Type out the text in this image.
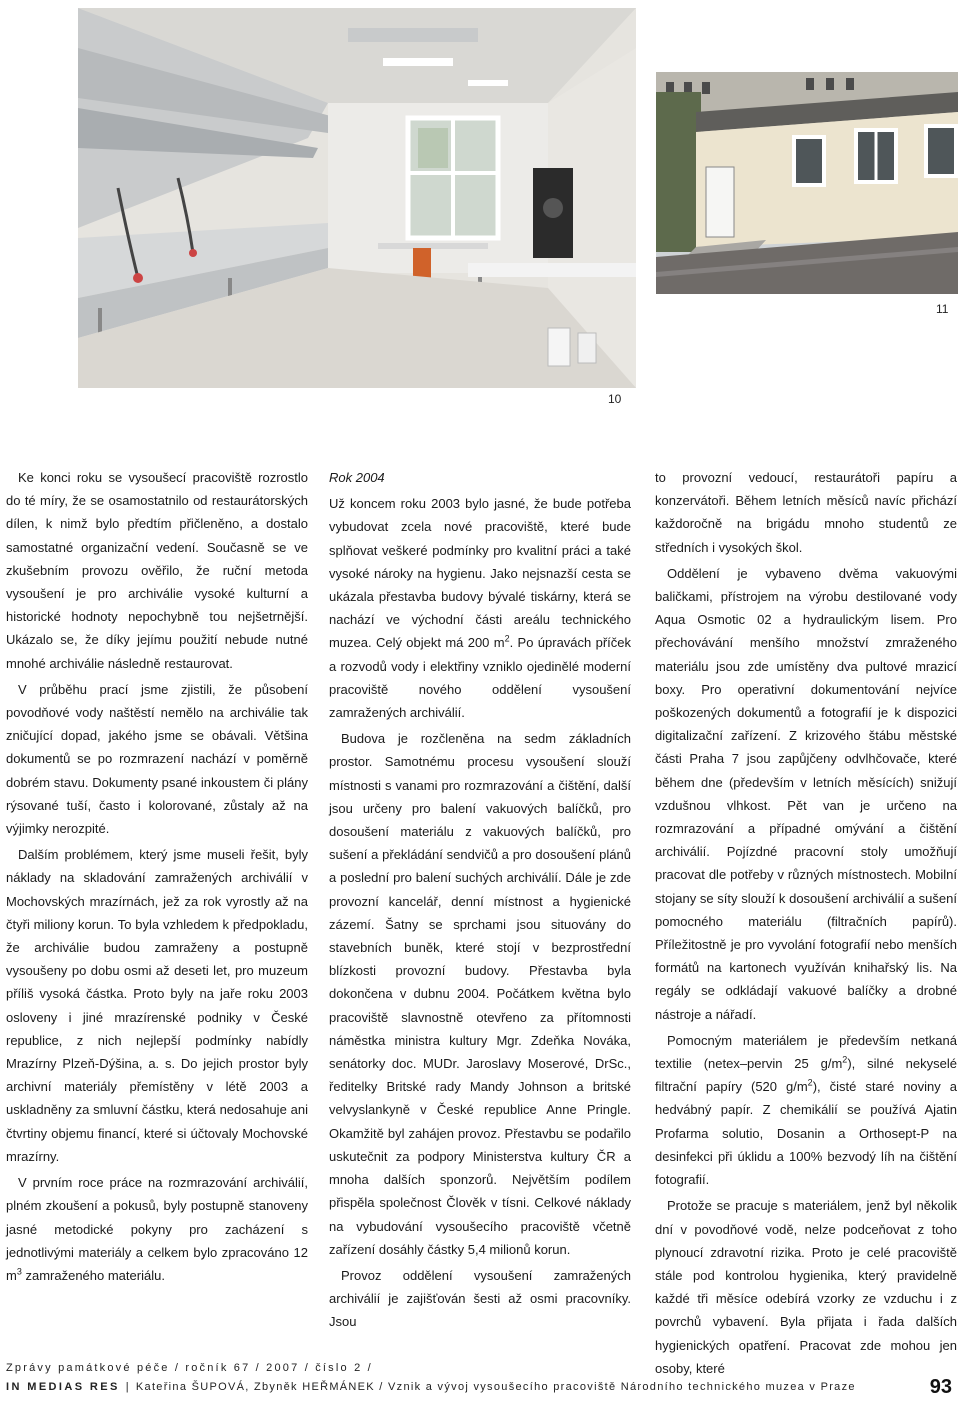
10
11

Ke konci roku se vysoušecí pracoviště rozrostlo do té míry, že se osamostatnilo od restaurátorských dílen, k nimž bylo předtím přičleněno, a dostalo samostatné organizační vedení. Současně se ve zkušebním provozu ověřilo, že ruční metoda vysoušení je pro archiválie vysoké kulturní a historické hodnoty nepochybně tou nejšetrnější. Ukázalo se, že díky jejímu použití nebude nutné mnohé archiválie následně restaurovat.

V průběhu prací jsme zjistili, že působení povodňové vody naštěstí nemělo na archiválie tak zničující dopad, jakého jsme se obávali. Většina dokumentů se po rozmrazení nachází v poměrně dobrém stavu. Dokumenty psané inkoustem či plány rýsované tuší, často i kolorované, zůstaly až na výjimky nerozpité.

Dalším problémem, který jsme museli řešit, byly náklady na skladování zamražených archiválií v Mochovských mrazírnách, jež za rok vyrostly až na čtyři miliony korun. To byla vzhledem k předpokladu, že archiválie budou zamraženy a postupně vysoušeny po dobu osmi až deseti let, pro muzeum příliš vysoká částka. Proto byly na jaře roku 2003 osloveny i jiné mrazírenské podniky v České republice, z nich nejlepší podmínky nabídly Mrazírny Plzeň-Dýšina, a. s. Do jejich prostor byly archivní materiály přemístěny v létě 2003 a uskladněny za smluvní částku, která nedosahuje ani čtvrtiny objemu financí, které si účtovaly Mochovské mrazírny.

V prvním roce práce na rozmrazování archiválií, plném zkoušení a pokusů, byly postupně stanoveny jasné metodické pokyny pro zacházení s jednotlivými materiály a celkem bylo zpracováno 12 $m^3$ zamraženého materiálu.

Rok 2004

Už koncem roku 2003 bylo jasné, že bude potřeba vybudovat zcela nové pracoviště, které bude splňovat veškeré podmínky pro kvalitní práci a také vysoké nároky na hygienu. Jako nejsnazší cesta se ukázala přestavba budovy bývalé tiskárny, která se nachází ve východní části areálu technického muzea. Celý objekt má 200 $m^2$. Po úpravách příček a rozvodů vody i elektřiny vzniklo ojedinělé moderní pracoviště nového oddělení vysoušení zamražených archiválií.

Budova je rozčleněna na sedm základních prostor. Samotnému procesu vysoušení slouží místnosti s vanami pro rozmrazování a čištění, další jsou určeny pro balení vakuových balíčků, pro dosoušení materiálu z vakuových balíčků, pro sušení a překládání sendvičů a pro dosoušení plánů a poslední pro balení suchých archiválií. Dále je zde provozní kancelář, denní místnost a hygienické zázemí. Šatny se sprchami jsou situovány do stavebních buněk, které stojí v bezprostřední blízkosti provozní budovy. Přestavba byla dokončena v dubnu 2004. Počátkem května bylo pracoviště slavnostně otevřeno za přítomnosti náměstka ministra kultury Mgr. Zdeňka Nováka, senátorky doc. MUDr. Jaroslavy Moserové, DrSc., ředitelky Britské rady Mandy Johnson a britské velvyslankyně v České republice Anne Pringle. Okamžitě byl zahájen provoz. Přestavbu se podařilo uskutečnit za podpory Ministerstva kultury ČR a mnoha dalších sponzorů. Největším podílem přispěla společnost Člověk v tísni. Celkové náklady na vybudování vysoušecího pracoviště včetně zařízení dosáhly částky 5,4 milionů korun.

Provoz oddělení vysoušení zamražených archiválií je zajišťován šesti až osmi pracovníky. Jsou

to provozní vedoucí, restaurátoři papíru a konzervátoři. Během letních měsíců navíc přichází každoročně na brigádu mnoho studentů ze středních i vysokých škol.

Oddělení je vybaveno dvěma vakuovými baličkami, přístrojem na výrobu destilované vody Aqua Osmotic 02 a hydraulickým lisem. Pro přechovávání menšího množství zmraženého materiálu jsou zde umístěny dva pultové mrazicí boxy. Pro operativní dokumentování nejvíce poškozených dokumentů a fotografií je k dispozici digitalizační zařízení. Z krizového štábu městské části Praha 7 jsou zapůjčeny odvlhčovače, které během dne (především v letních měsících) snižují vzdušnou vlhkost. Pět van je určeno na rozmrazování a případné omývání a čištění archiválií. Pojízdné pracovní stoly umožňují pracovat dle potřeby v různých místnostech. Mobilní stojany se síty slouží k dosoušení archiválií a sušení pomocného materiálu (filtračních papírů). Příležitostně je pro vyvolání fotografií nebo menších formátů na kartonech využíván knihařský lis. Na regály se odkládají vakuové balíčky a drobné nástroje a nářadí.

Pomocným materiálem je především netkaná textilie (netex–pervin 25 $g/m^2$), silné nekyselé filtrační papíry (520 $g/m^2$), čisté staré noviny a hedvábný papír. Z chemikálií se používá Ajatin Profarma solutio, Dosanin a Orthosept-P na desinfekci při úklidu a 100% bezvodý líh na čištění fotografií.

Protože se pracuje s materiálem, jenž byl několik dní v povodňové vodě, nelze podceňovat z toho plynoucí zdravotní rizika. Proto je celé pracoviště stále pod kontrolou hygienika, který pravidelně každé tři měsíce odebírá vzorky ze vzduchu i z povrchů vybavení. Byla přijata i řada dalších hygienických opatření. Pracovat zde mohou jen osoby, které

Zprávy památkové péče / ročník 67 / 2007 / číslo 2 /
IN MEDIAS RES | Kateřina ŠUPOVÁ, Zbyněk HEŘMÁNEK / Vznik a vývoj vysoušecího pracoviště Národního technického muzea v Praze	93
